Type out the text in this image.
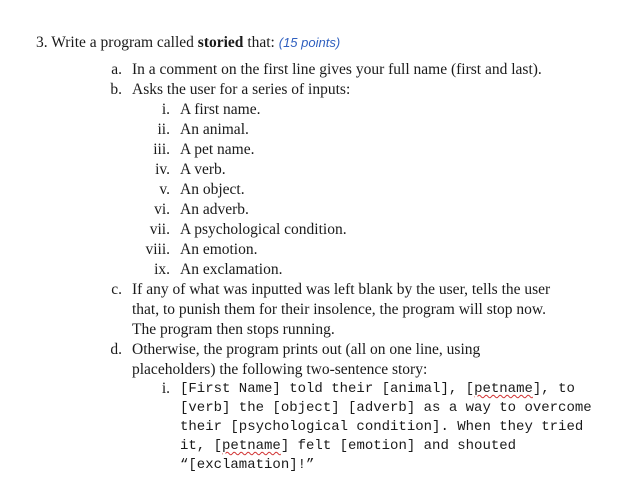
3. Write a program called storied that: (15 points)
a. In a comment on the first line gives your full name (first and last).
b. Asks the user for a series of inputs:
i. A first name.
ii. An animal.
iii. A pet name.
iv. A verb.
v. An object.
vi. An adverb.
vii. A psychological condition.
viii. An emotion.
ix. An exclamation.
c. If any of what was inputted was left blank by the user, tells the user
that, to punish them for their insolence, the program will stop now.
The program then stops running.
d. Otherwise, the program prints out (all on one line, using
placeholders) the following two-sentence story:
i. [First Name] told their [animal], [petname], to
[verb] the [object] [adverb] as a way to overcome
their [psychological condition]. When they tried
it, [petname] felt [emotion] and shouted
“[exclamation]!”
